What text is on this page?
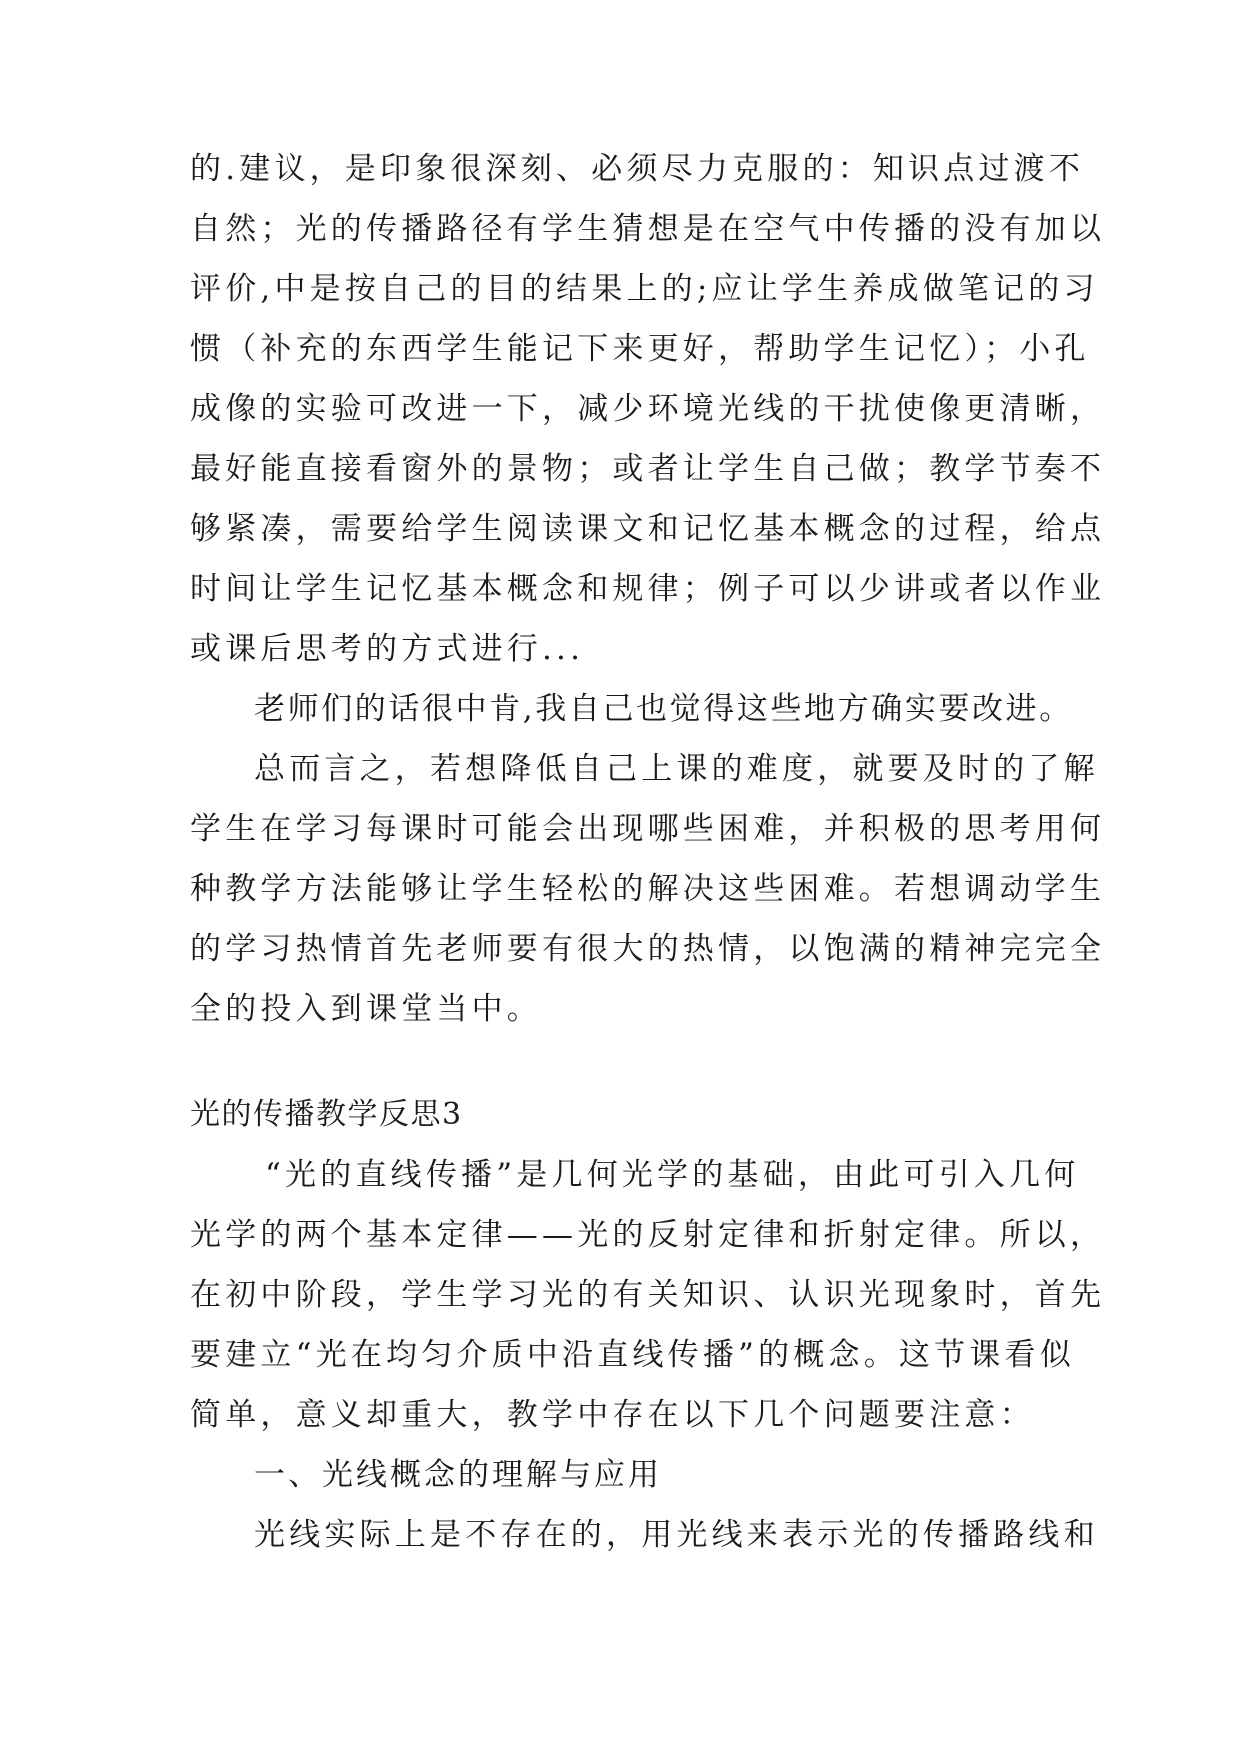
的.建议，是印象很深刻、必须尽力克服的：知识点过渡不
自然；光的传播路径有学生猜想是在空气中传播的没有加以
评价,中是按自己的目的结果上的;应让学生养成做笔记的习
惯（补充的东西学生能记下来更好，帮助学生记忆）；小孔
成像的实验可改进一下，减少环境光线的干扰使像更清晰，
最好能直接看窗外的景物；或者让学生自己做；教学节奏不
够紧凑，需要给学生阅读课文和记忆基本概念的过程，给点
时间让学生记忆基本概念和规律；例子可以少讲或者以作业
或课后思考的方式进行...
老师们的话很中肯,我自己也觉得这些地方确实要改进。
总而言之，若想降低自己上课的难度，就要及时的了解
学生在学习每课时可能会出现哪些困难，并积极的思考用何
种教学方法能够让学生轻松的解决这些困难。若想调动学生
的学习热情首先老师要有很大的热情，以饱满的精神完完全
全的投入到课堂当中。
光的传播教学反思3
“光的直线传播”是几何光学的基础，由此可引入几何
光学的两个基本定律——光的反射定律和折射定律。所以，
在初中阶段，学生学习光的有关知识、认识光现象时，首先
要建立“光在均匀介质中沿直线传播”的概念。这节课看似
简单，意义却重大，教学中存在以下几个问题要注意：
一、光线概念的理解与应用
光线实际上是不存在的，用光线来表示光的传播路线和
